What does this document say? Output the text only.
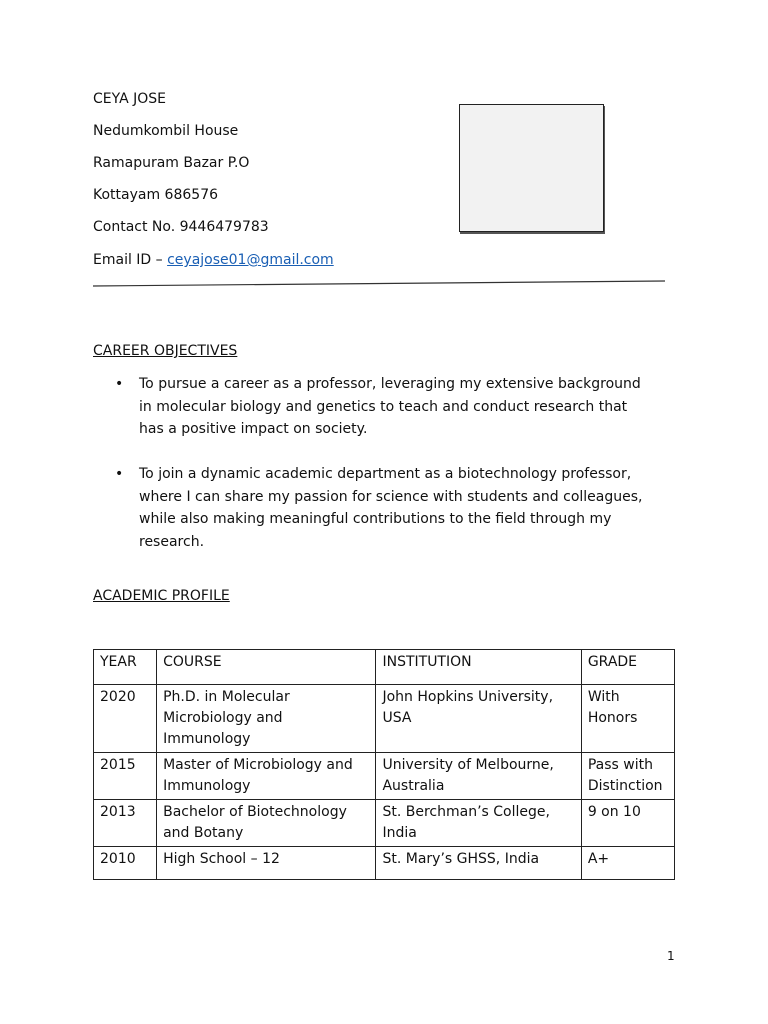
CEYA JOSE
Nedumkombil House
Ramapuram Bazar P.O
Kottayam 686576
Contact No. 9446479783
Email ID – ceyajose01@gmail.com
CAREER OBJECTIVES
• To pursue a career as a professor, leveraging my extensive background in molecular biology and genetics to teach and conduct research that has a positive impact on society.
• To join a dynamic academic department as a biotechnology professor, where I can share my passion for science with students and colleagues, while also making meaningful contributions to the field through my research.
ACADEMIC PROFILE
YEAR	COURSE	INSTITUTION	GRADE
2020	Ph.D. in Molecular Microbiology and Immunology	John Hopkins University, USA	With Honors
2015	Master of Microbiology and Immunology	University of Melbourne, Australia	Pass with Distinction
2013	Bachelor of Biotechnology and Botany	St. Berchman’s College, India	9 on 10
2010	High School – 12	St. Mary’s GHSS, India	A+
1
